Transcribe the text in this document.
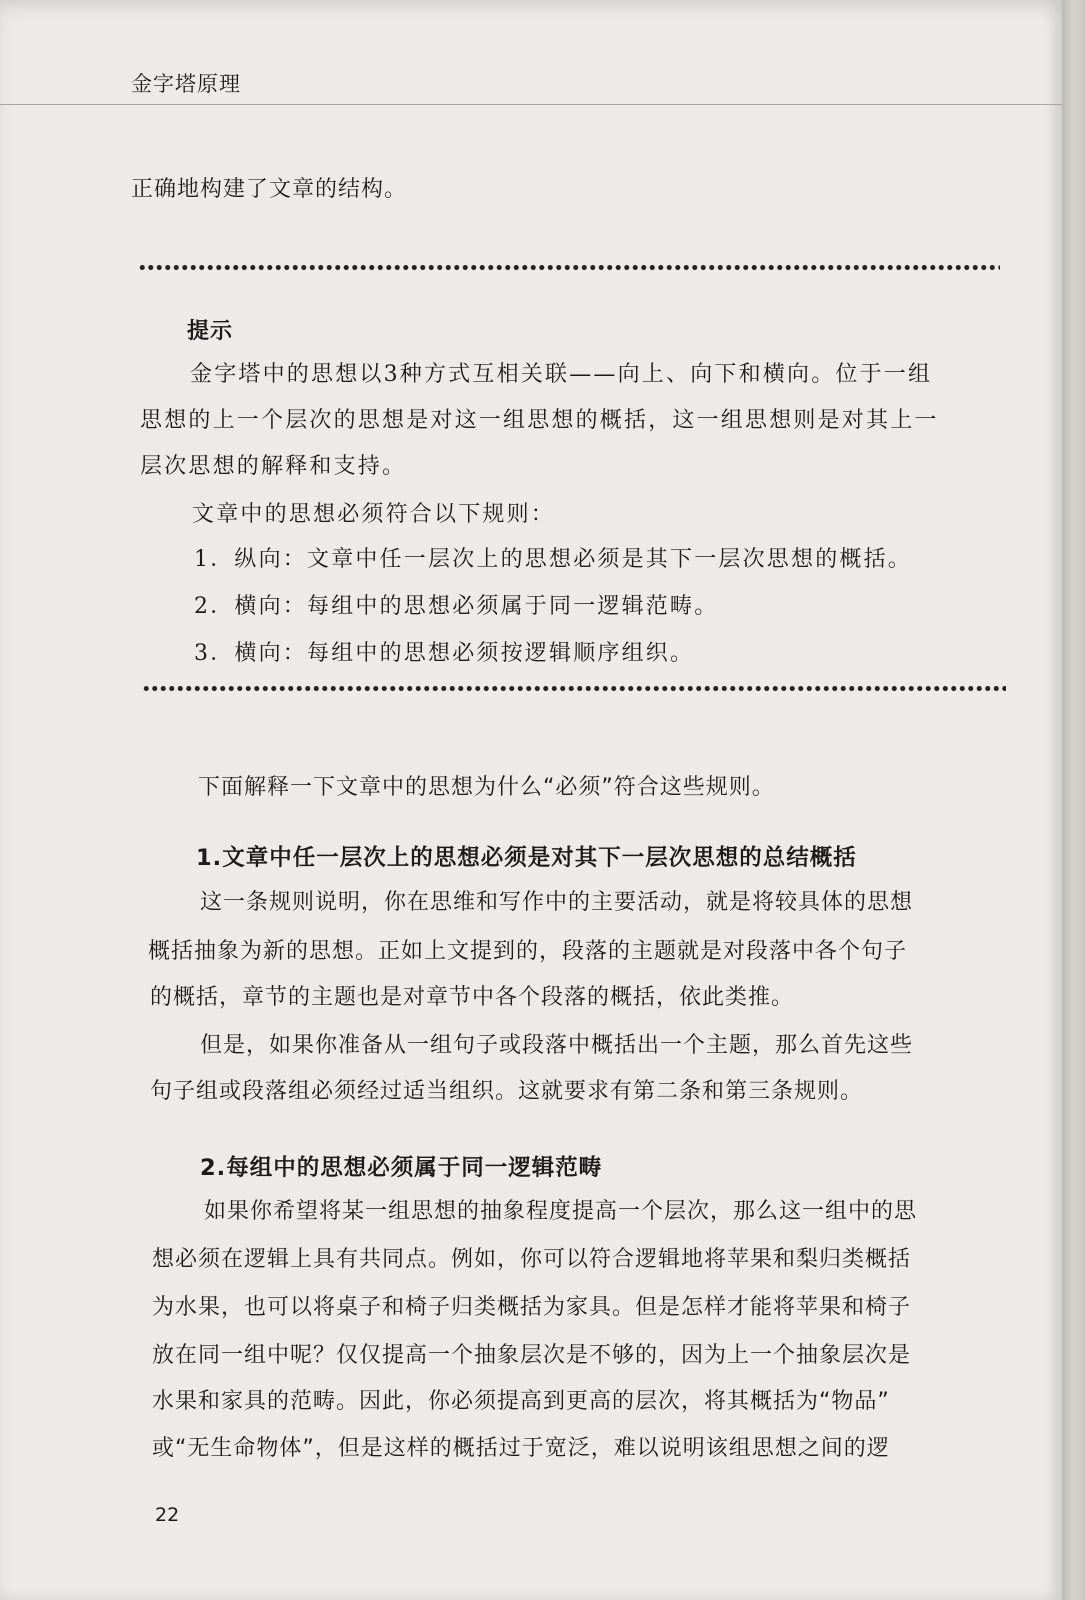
金字塔原理
正确地构建了文章的结构。
提示
金字塔中的思想以3种方式互相关联——向上、向下和横向。位于一组
思想的上一个层次的思想是对这一组思想的概括，这一组思想则是对其上一
层次思想的解释和支持。
文章中的思想必须符合以下规则：
1．纵向：文章中任一层次上的思想必须是其下一层次思想的概括。
2．横向：每组中的思想必须属于同一逻辑范畴。
3．横向：每组中的思想必须按逻辑顺序组织。
下面解释一下文章中的思想为什么“必须”符合这些规则。
1.文章中任一层次上的思想必须是对其下一层次思想的总结概括
这一条规则说明，你在思维和写作中的主要活动，就是将较具体的思想
概括抽象为新的思想。正如上文提到的，段落的主题就是对段落中各个句子
的概括，章节的主题也是对章节中各个段落的概括，依此类推。
但是，如果你准备从一组句子或段落中概括出一个主题，那么首先这些
句子组或段落组必须经过适当组织。这就要求有第二条和第三条规则。
2.每组中的思想必须属于同一逻辑范畴
如果你希望将某一组思想的抽象程度提高一个层次，那么这一组中的思
想必须在逻辑上具有共同点。例如，你可以符合逻辑地将苹果和梨归类概括
为水果，也可以将桌子和椅子归类概括为家具。但是怎样才能将苹果和椅子
放在同一组中呢？仅仅提高一个抽象层次是不够的，因为上一个抽象层次是
水果和家具的范畴。因此，你必须提高到更高的层次，将其概括为“物品”
或“无生命物体”，但是这样的概括过于宽泛，难以说明该组思想之间的逻
22
